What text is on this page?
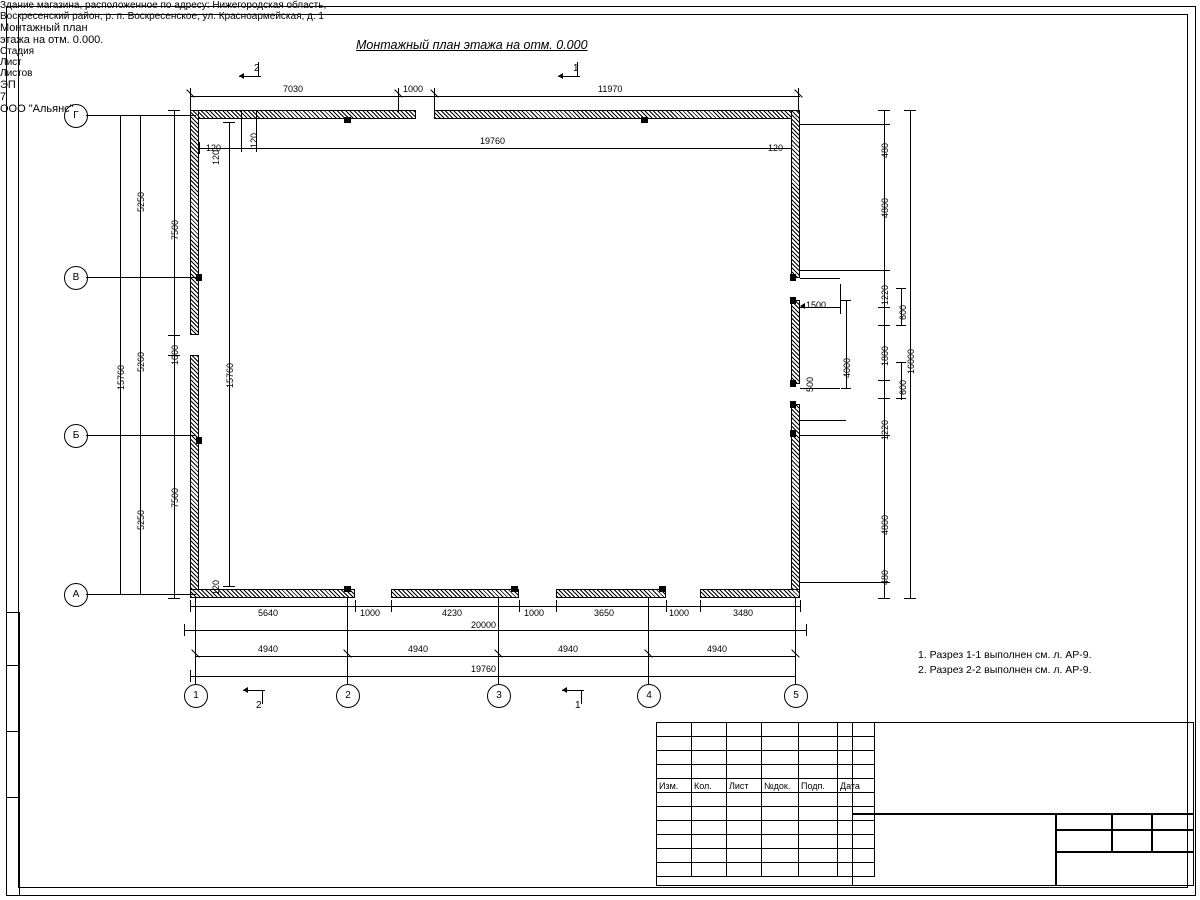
Монтажный план этажа на отм. 0.000
Г
В
Б
А
1	2	3	4	5
7030	1000	11970
19760
120	120
120
15760
5250
5260
5250
7500
1000
7500
15760
120
120
16000
480
4800
1220
1800
1220
4800
480
600
600
1500
4000
500
5640	1000	4230	1000	3650	1000	3480
20000
4940	4940	4940	4940
19760
2	1
2	1
1. Разрез 1-1 выполнен см. л. АР-9.
2. Разрез 2-2 выполнен см. л. АР-9.

Изм.	Кол.	Лист	№док.	Подп.	Дата

Здание магазина, расположенное по адресу: Нижегородская область,
Воскресенский район, р. п. Воскресенское, ул. Красноармейская, д. 1
Монтажный план
этажа на отм. 0.000.
Стадия
Лист
Листов
ЭП
7
ООО "Альянс"
